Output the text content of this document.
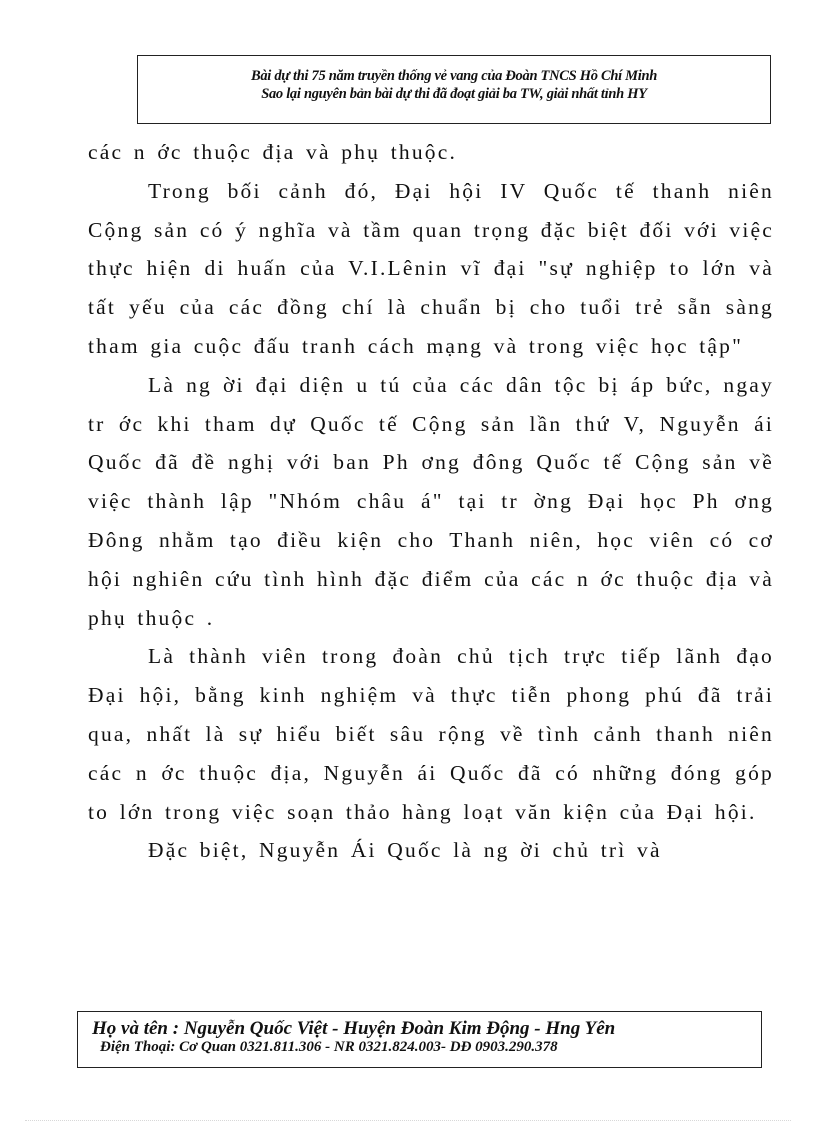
Bài dự thi 75 năm truyền thống vẻ vang của Đoàn TNCS Hồ Chí Minh
Sao lại nguyên bản bài dự thi đã đoạt giải ba TW, giải nhất tỉnh HY

các n ớc thuộc địa và phụ thuộc.

Trong bối cảnh đó, Đại hội IV Quốc tế thanh niên Cộng sản có ý nghĩa và tầm quan trọng đặc biệt đối với việc thực hiện di huấn của V.I.Lênin vĩ đại "sự nghiệp to lớn và tất yếu của các đồng chí là chuẩn bị cho tuổi trẻ sẵn sàng tham gia cuộc đấu tranh cách mạng và trong việc học tập"

Là ng ời đại diện u tú của các dân tộc bị áp bức, ngay tr ớc khi tham dự Quốc tế Cộng sản lần thứ V, Nguyễn ái Quốc đã đề nghị với ban Ph ơng đông Quốc tế Cộng sản về việc thành lập "Nhóm châu á" tại tr ờng Đại học Ph ơng Đông nhằm tạo điều kiện cho Thanh niên, học viên có cơ hội nghiên cứu tình hình đặc điểm của các n ớc thuộc địa và phụ thuộc .

Là thành viên trong đoàn chủ tịch trực tiếp lãnh đạo Đại hội, bằng kinh nghiệm và thực tiễn phong phú đã trải qua, nhất là sự hiểu biết sâu rộng về tình cảnh thanh niên các n ớc thuộc địa, Nguyễn ái Quốc đã có những đóng góp to lớn trong việc soạn thảo hàng loạt văn kiện của Đại hội.

Đặc biệt, Nguyễn Ái Quốc là ng ời chủ trì và

Họ và tên : Nguyễn Quốc Việt - Huyện Đoàn Kim Động - Hng Yên
Điện Thoại: Cơ Quan 0321.811.306 - NR 0321.824.003- DĐ 0903.290.378
